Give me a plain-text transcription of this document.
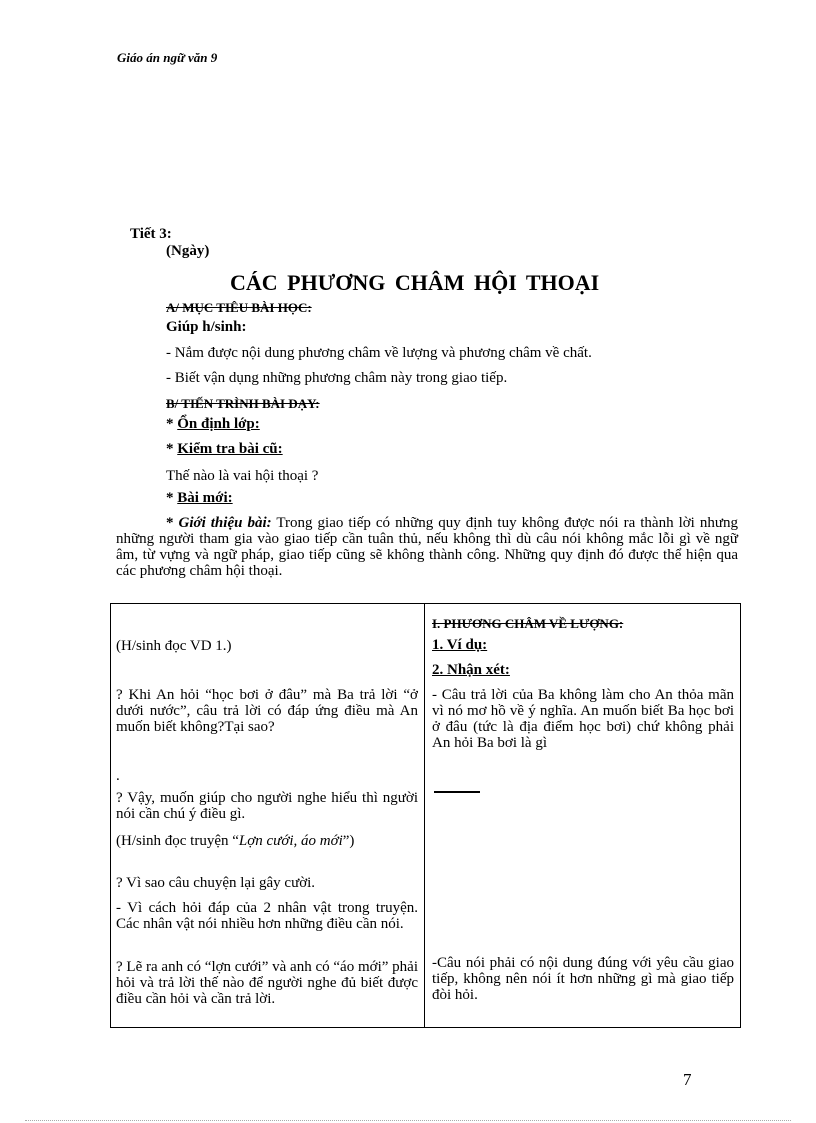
Giáo án ngữ văn 9
Tiết 3:
(Ngày)
CÁC PHƯƠNG CHÂM HỘI THOẠI
A/ MỤC TIÊU BÀI HỌC:
Giúp h/sinh:
- Nắm được nội dung phương châm về lượng và phương châm về chất.
- Biết vận dụng những phương châm này trong giao tiếp.
B/ TIẾN TRÌNH BÀI DẠY:
* Ổn định lớp:
* Kiểm tra bài cũ:
Thế nào là vai hội thoại ?
* Bài mới:
* Giới thiệu bài: Trong giao tiếp có những quy định tuy không được nói ra thành lời nhưng những người tham gia vào giao tiếp cần tuân thủ, nếu không thì dù câu nói không mắc lỗi gì về ngữ âm, từ vựng và ngữ pháp, giao tiếp cũng sẽ không thành công. Những quy định đó được thể hiện qua các phương châm hội thoại.
(H/sinh đọc VD 1.)
? Khi An hỏi “học bơi ở đâu” mà Ba trả lời “ở dưới nước”, câu trả lời có đáp ứng điều mà An muốn biết không?Tại sao?
.
? Vậy, muốn giúp cho người nghe hiểu thì người nói cần chú ý điều gì.
(H/sinh đọc truyện “Lợn cưới, áo mới”)
? Vì sao câu chuyện lại gây cười.
- Vì cách hỏi đáp của 2 nhân vật trong truyện. Các nhân vật nói nhiều hơn những điều cần nói.
? Lẽ ra anh có “lợn cưới” và anh có “áo mới” phải hỏi và trả lời thế nào để người nghe đủ biết được điều cần hỏi và cần trả lời.
I. PHƯƠNG CHÂM VỀ LƯỢNG:
1. Ví dụ:
2. Nhận xét:
- Câu trả lời của Ba không làm cho An thỏa mãn vì nó mơ hồ về ý nghĩa. An muốn biết Ba học bơi ở đâu (tức là địa điểm học bơi) chứ không phải An hỏi Ba bơi là gì
-Câu nói phải có nội dung đúng với yêu cầu giao tiếp, không nên nói ít hơn những gì mà giao tiếp đòi hỏi.
7
